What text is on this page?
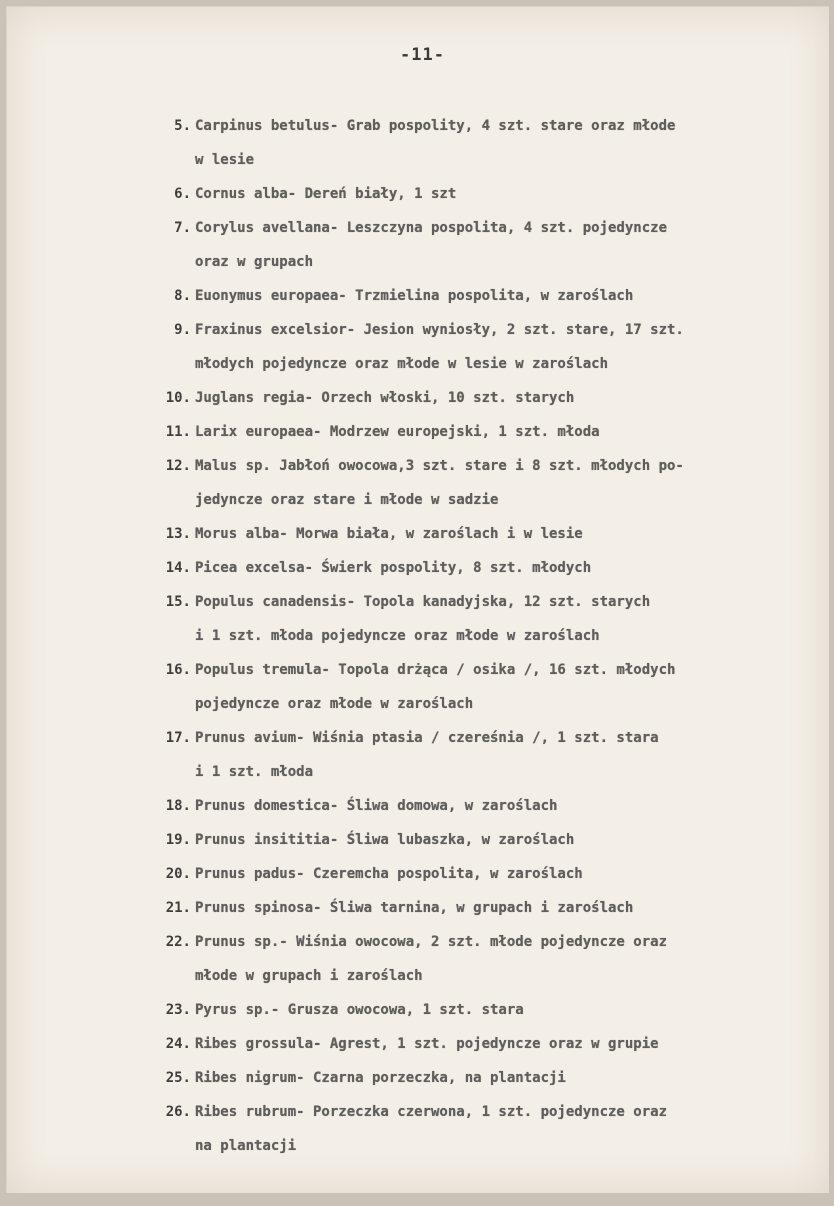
-11-
5. Carpinus betulus- Grab pospolity, 4 szt. stare oraz młode
w lesie
6. Cornus alba- Dereń biały, 1 szt
7. Corylus avellana- Leszczyna pospolita, 4 szt. pojedyncze
oraz w grupach
8. Euonymus europaea- Trzmielina pospolita, w zaroślach
9. Fraxinus excelsior- Jesion wyniosły, 2 szt. stare, 17 szt.
młodych pojedyncze oraz młode w lesie w zaroślach
10. Juglans regia- Orzech włoski, 10 szt. starych
11. Larix europaea- Modrzew europejski, 1 szt. młoda
12. Malus sp. Jabłoń owocowa,3 szt. stare i 8 szt. młodych po-
jedyncze oraz stare i młode w sadzie
13. Morus alba- Morwa biała, w zaroślach i w lesie
14. Picea excelsa- Świerk pospolity, 8 szt. młodych
15. Populus canadensis- Topola kanadyjska, 12 szt. starych
i 1 szt. młoda pojedyncze oraz młode w zaroślach
16. Populus tremula- Topola drżąca / osika /, 16 szt. młodych
pojedyncze oraz młode w zaroślach
17. Prunus avium- Wiśnia ptasia / czereśnia /, 1 szt. stara
i 1 szt. młoda
18. Prunus domestica- Śliwa domowa, w zaroślach
19. Prunus insititia- Śliwa lubaszka, w zaroślach
20. Prunus padus- Czeremcha pospolita, w zaroślach
21. Prunus spinosa- Śliwa tarnina, w grupach i zaroślach
22. Prunus sp.- Wiśnia owocowa, 2 szt. młode pojedyncze oraz
młode w grupach i zaroślach
23. Pyrus sp.- Grusza owocowa, 1 szt. stara
24. Ribes grossula- Agrest, 1 szt. pojedyncze oraz w grupie
25. Ribes nigrum- Czarna porzeczka, na plantacji
26. Ribes rubrum- Porzeczka czerwona, 1 szt. pojedyncze oraz
na plantacji
